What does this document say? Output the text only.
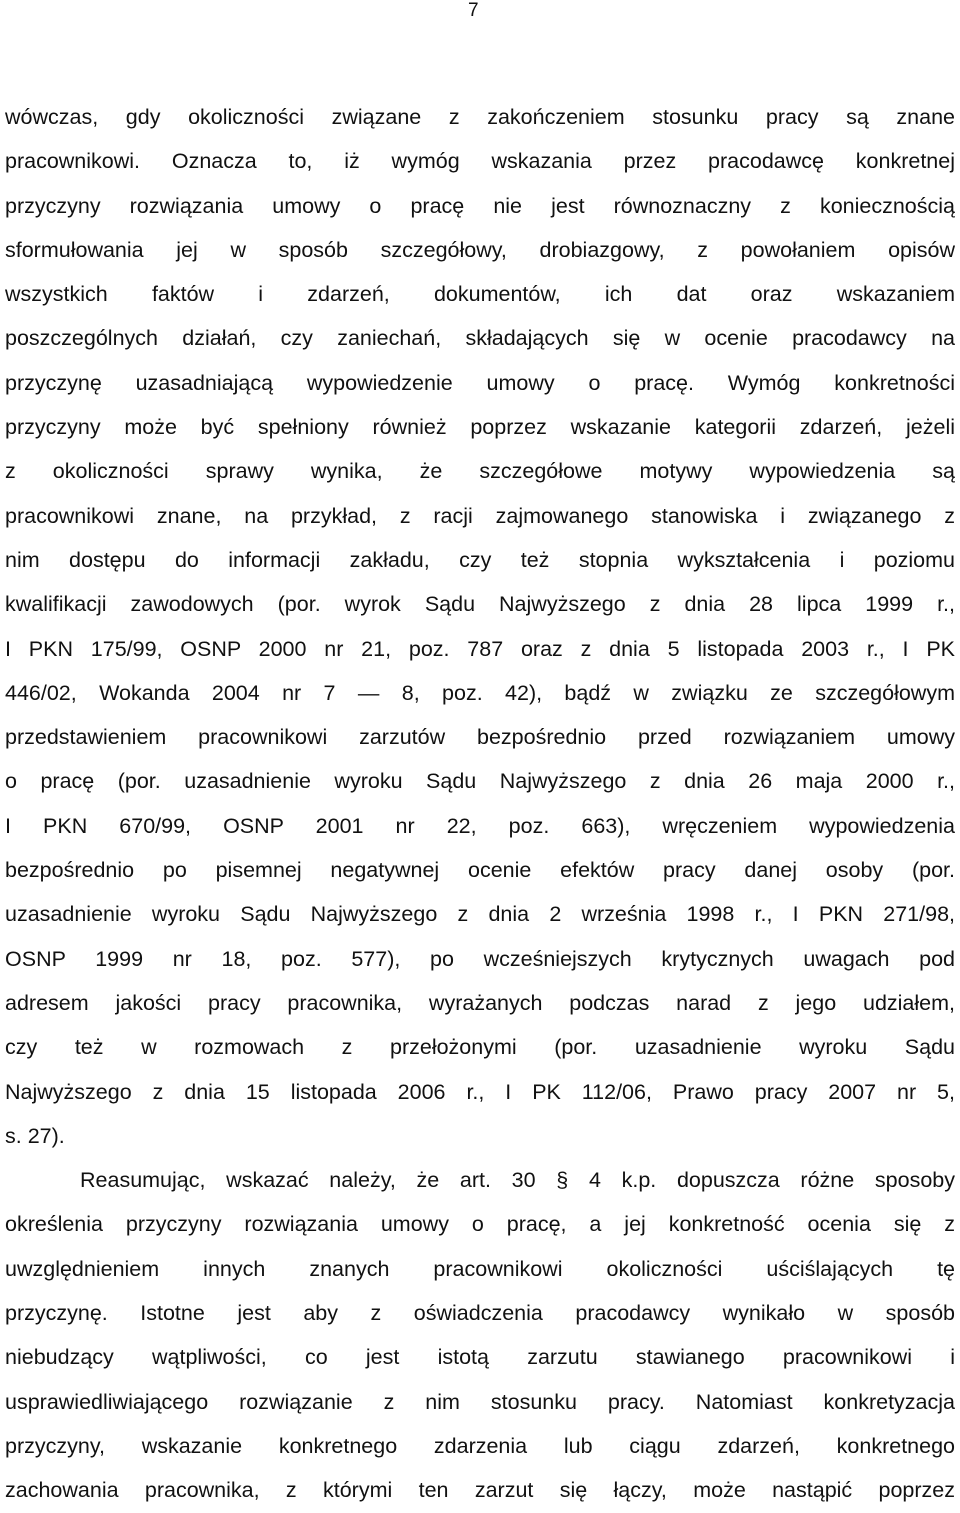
7
wówczas, gdy okoliczności związane z zakończeniem stosunku pracy są znane
pracownikowi. Oznacza to, iż wymóg wskazania przez pracodawcę konkretnej
przyczyny rozwiązania umowy o pracę nie jest równoznaczny z koniecznością
sformułowania jej w sposób szczegółowy, drobiazgowy, z powołaniem opisów
wszystkich faktów i zdarzeń, dokumentów, ich dat oraz wskazaniem
poszczególnych działań, czy zaniechań, składających się w ocenie pracodawcy na
przyczynę uzasadniającą wypowiedzenie umowy o pracę. Wymóg konkretności
przyczyny może być spełniony również poprzez wskazanie kategorii zdarzeń, jeżeli
z okoliczności sprawy wynika, że szczegółowe motywy wypowiedzenia są
pracownikowi znane, na przykład, z racji zajmowanego stanowiska i związanego z
nim dostępu do informacji zakładu, czy też stopnia wykształcenia i poziomu
kwalifikacji zawodowych (por. wyrok Sądu Najwyższego z dnia 28 lipca 1999 r.,
I PKN 175/99, OSNP 2000 nr 21, poz. 787 oraz z dnia 5 listopada 2003 r., I PK
446/02, Wokanda 2004 nr 7 — 8, poz. 42), bądź w związku ze szczegółowym
przedstawieniem pracownikowi zarzutów bezpośrednio przed rozwiązaniem umowy
o pracę (por. uzasadnienie wyroku Sądu Najwyższego z dnia 26 maja 2000 r.,
I PKN 670/99, OSNP 2001 nr 22, poz. 663), wręczeniem wypowiedzenia
bezpośrednio po pisemnej negatywnej ocenie efektów pracy danej osoby (por.
uzasadnienie wyroku Sądu Najwyższego z dnia 2 września 1998 r., I PKN 271/98,
OSNP 1999 nr 18, poz. 577), po wcześniejszych krytycznych uwagach pod
adresem jakości pracy pracownika, wyrażanych podczas narad z jego udziałem,
czy też w rozmowach z przełożonymi (por. uzasadnienie wyroku Sądu
Najwyższego z dnia 15 listopada 2006 r., I PK 112/06, Prawo pracy 2007 nr 5,
s. 27).
Reasumując, wskazać należy, że art. 30 § 4 k.p. dopuszcza różne sposoby
określenia przyczyny rozwiązania umowy o pracę, a jej konkretność ocenia się z
uwzględnieniem innych znanych pracownikowi okoliczności uściślających tę
przyczynę. Istotne jest aby z oświadczenia pracodawcy wynikało w sposób
niebudzący wątpliwości, co jest istotą zarzutu stawianego pracownikowi i
usprawiedliwiającego rozwiązanie z nim stosunku pracy. Natomiast konkretyzacja
przyczyny, wskazanie konkretnego zdarzenia lub ciągu zdarzeń, konkretnego
zachowania pracownika, z którymi ten zarzut się łączy, może nastąpić poprzez
